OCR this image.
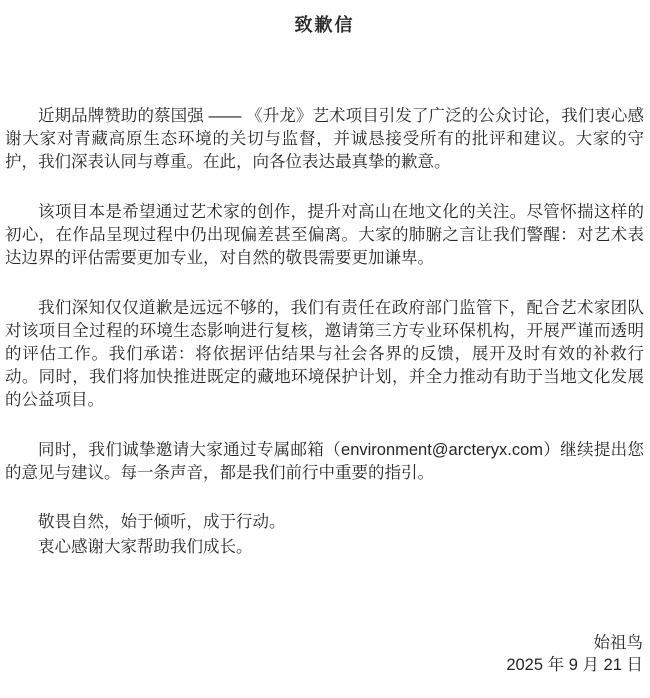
致歉信

近期品牌赞助的蔡国强 —— 《升龙》艺术项目引发了广泛的公众讨论，我们衷心感谢大家对青藏高原生态环境的关切与监督，并诚恳接受所有的批评和建议。大家的守护，我们深表认同与尊重。在此，向各位表达最真挚的歉意。

该项目本是希望通过艺术家的创作，提升对高山在地文化的关注。尽管怀揣这样的初心，在作品呈现过程中仍出现偏差甚至偏离。大家的肺腑之言让我们警醒：对艺术表达边界的评估需要更加专业，对自然的敬畏需要更加谦卑。

我们深知仅仅道歉是远远不够的，我们有责任在政府部门监管下，配合艺术家团队对该项目全过程的环境生态影响进行复核，邀请第三方专业环保机构，开展严谨而透明的评估工作。我们承诺：将依据评估结果与社会各界的反馈，展开及时有效的补救行动。同时，我们将加快推进既定的藏地环境保护计划，并全力推动有助于当地文化发展的公益项目。

同时，我们诚挚邀请大家通过专属邮箱（environment@arcteryx.com）继续提出您的意见与建议。每一条声音，都是我们前行中重要的指引。

敬畏自然，始于倾听，成于行动。

衷心感谢大家帮助我们成长。

始祖鸟

2025 年 9 月 21 日
